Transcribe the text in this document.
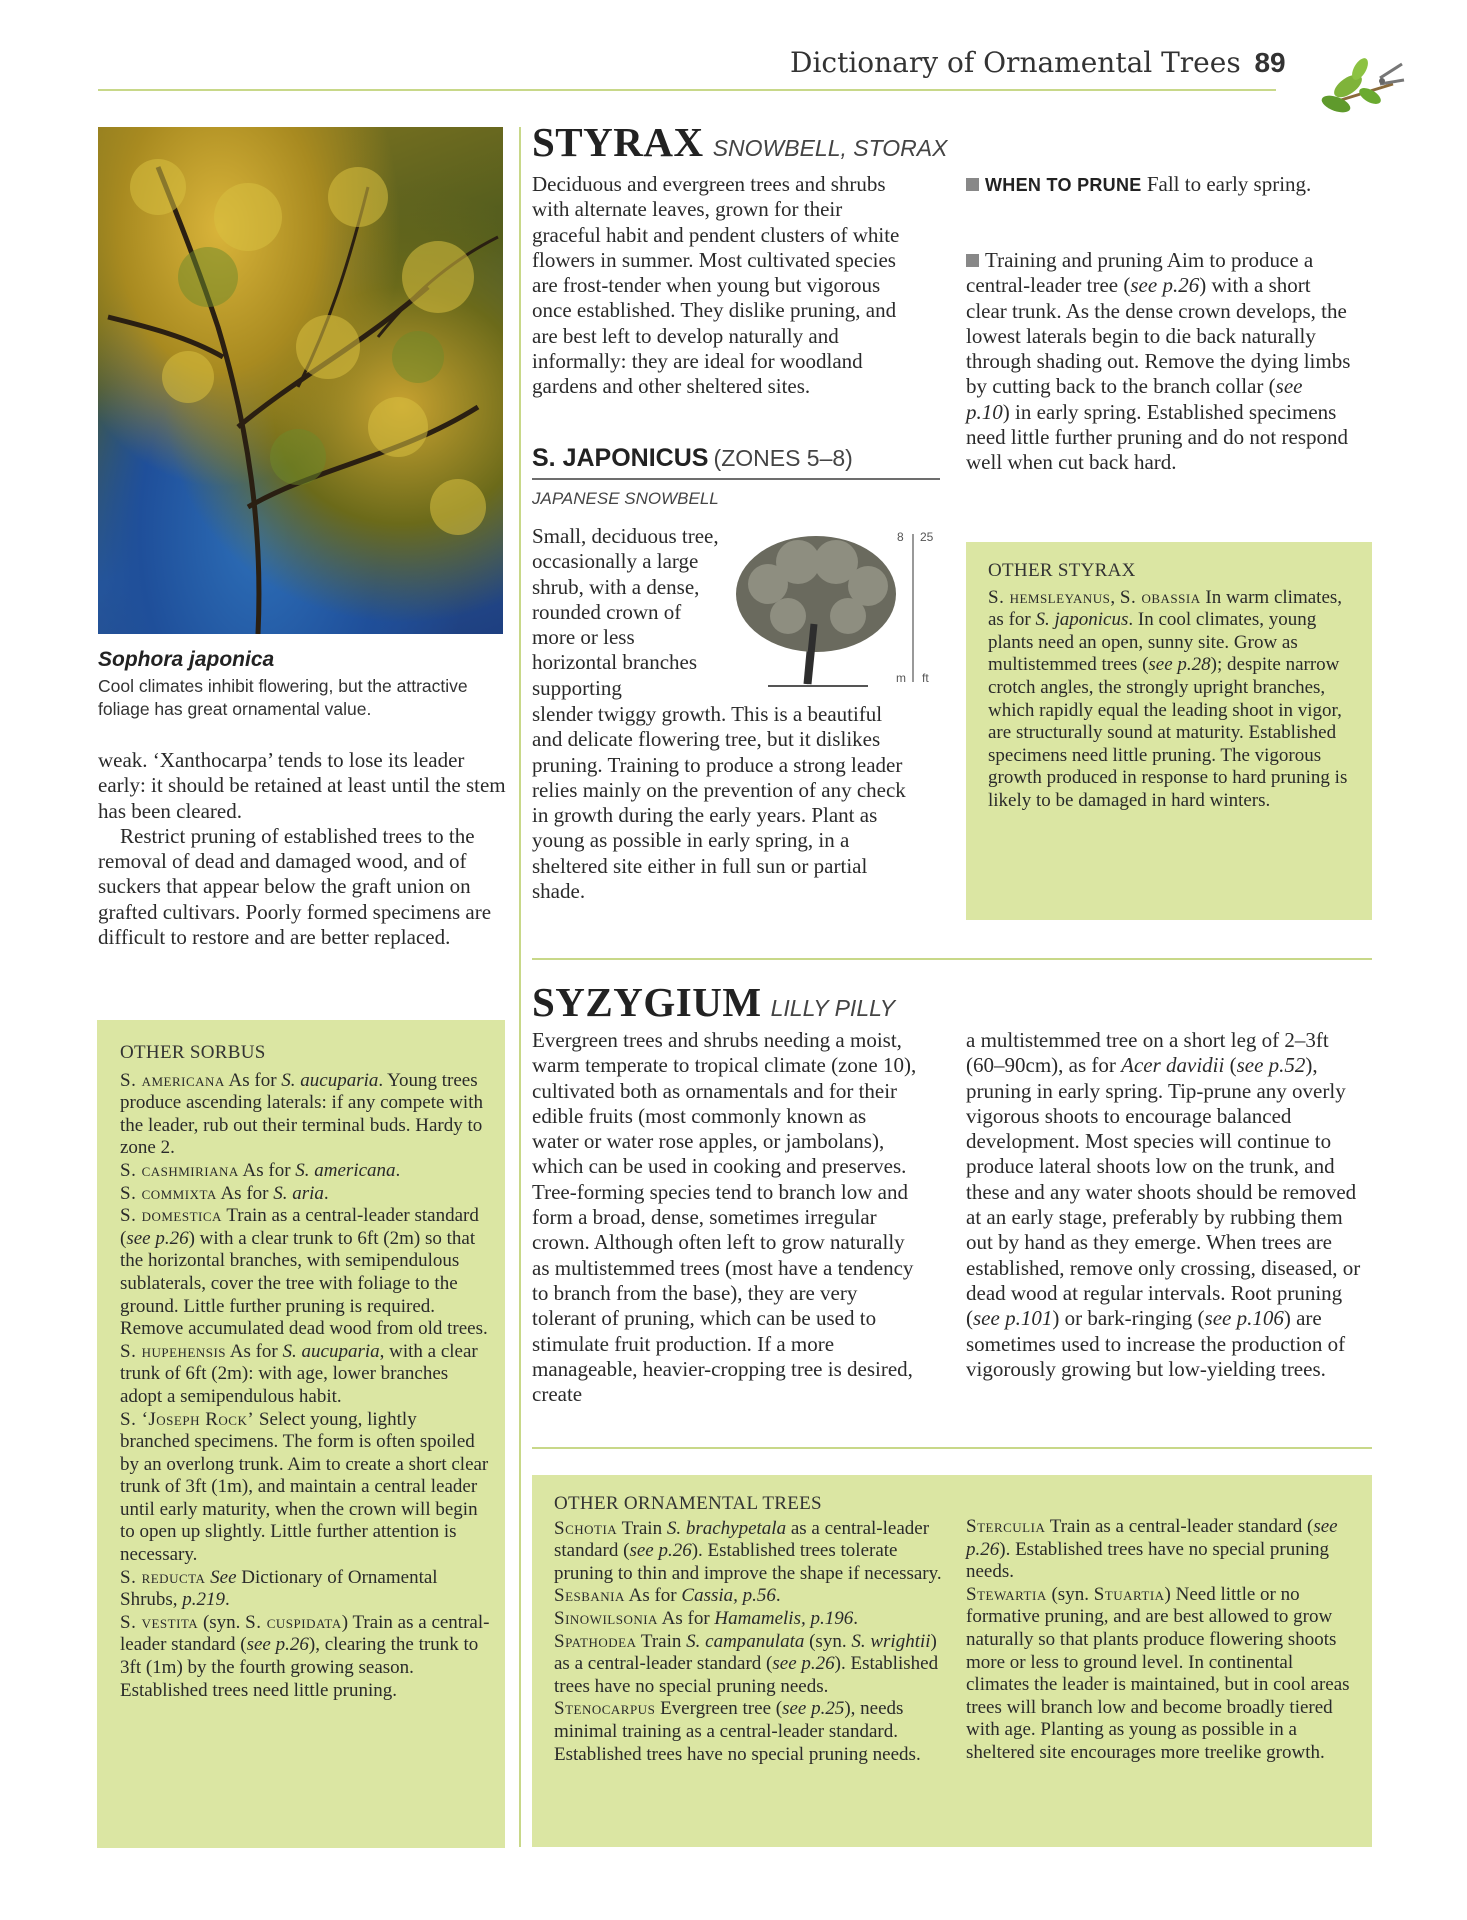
Dictionary of Ornamental Trees 89
Sophora japonica
Cool climates inhibit flowering, but the attractive foliage has great ornamental value.

weak. ‘Xanthocarpa’ tends to lose its leader early: it should be retained at least until the stem has been cleared.

Restrict pruning of established trees to the removal of dead and damaged wood, and of suckers that appear below the graft union on grafted cultivars. Poorly formed specimens are difficult to restore and are better replaced.

OTHER SORBUS

S. americana As for S. aucuparia. Young trees produce ascending laterals: if any compete with the leader, rub out their terminal buds. Hardy to zone 2.

S. cashmiriana As for S. americana.

S. commixta As for S. aria.

S. domestica Train as a central-leader standard (see p.26) with a clear trunk to 6ft (2m) so that the horizontal branches, with semipendulous sublaterals, cover the tree with foliage to the ground. Little further pruning is required. Remove accumulated dead wood from old trees.

S. hupehensis As for S. aucuparia, with a clear trunk of 6ft (2m): with age, lower branches adopt a semipendulous habit.

S. ‘Joseph Rock’ Select young, lightly branched specimens. The form is often spoiled by an overlong trunk. Aim to create a short clear trunk of 3ft (1m), and maintain a central leader until early maturity, when the crown will begin to open up slightly. Little further attention is necessary.

S. reducta See Dictionary of Ornamental Shrubs, p.219.

S. vestita (syn. S. cuspidata) Train as a central-leader standard (see p.26), clearing the trunk to 3ft (1m) by the fourth growing season. Established trees need little pruning.

STYRAX SNOWBELL, STORAX
Deciduous and evergreen trees and shrubs with alternate leaves, grown for their graceful habit and pendent clusters of white flowers in summer. Most cultivated species are frost-tender when young but vigorous once established. They dislike pruning, and are best left to develop naturally and informally: they are ideal for woodland gardens and other sheltered sites.
S. JAPONICUS (ZONES 5–8)
JAPANESE SNOWBELL
Small, deciduous tree, occasionally a large shrub, with a dense, rounded crown of more or less horizontal branches supporting
8 25
m ft
slender twiggy growth. This is a beautiful and delicate flowering tree, but it dislikes pruning. Training to produce a strong leader relies mainly on the prevention of any check in growth during the early years. Plant as young as possible in early spring, in a sheltered site either in full sun or partial shade.
WHEN TO PRUNE Fall to early spring.
Training and pruning Aim to produce a central-leader tree (see p.26) with a short clear trunk. As the dense crown develops, the lowest laterals begin to die back naturally through shading out. Remove the dying limbs by cutting back to the branch collar (see p.10) in early spring. Established specimens need little further pruning and do not respond well when cut back hard.
OTHER STYRAX

S. hemsleyanus, S. obassia In warm climates, as for S. japonicus. In cool climates, young plants need an open, sunny site. Grow as multistemmed trees (see p.28); despite narrow crotch angles, the strongly upright branches, which rapidly equal the leading shoot in vigor, are structurally sound at maturity. Established specimens need little pruning. The vigorous growth produced in response to hard pruning is likely to be damaged in hard winters.

SYZYGIUM LILLY PILLY
Evergreen trees and shrubs needing a moist, warm temperate to tropical climate (zone 10), cultivated both as ornamentals and for their edible fruits (most commonly known as water or water rose apples, or jambolans), which can be used in cooking and preserves. Tree-forming species tend to branch low and form a broad, dense, sometimes irregular crown. Although often left to grow naturally as multistemmed trees (most have a tendency to branch from the base), they are very tolerant of pruning, which can be used to stimulate fruit production. If a more manageable, heavier-cropping tree is desired, create
a multistemmed tree on a short leg of 2–3ft (60–90cm), as for Acer davidii (see p.52), pruning in early spring. Tip-prune any overly vigorous shoots to encourage balanced development. Most species will continue to produce lateral shoots low on the trunk, and these and any water shoots should be removed at an early stage, preferably by rubbing them out by hand as they emerge. When trees are established, remove only crossing, diseased, or dead wood at regular intervals. Root pruning (see p.101) or bark-ringing (see p.106) are sometimes used to increase the production of vigorously growing but low-yielding trees.
OTHER ORNAMENTAL TREES

Schotia Train S. brachypetala as a central-leader standard (see p.26). Established trees tolerate pruning to thin and improve the shape if necessary.

Sesbania As for Cassia, p.56.

Sinowilsonia As for Hamamelis, p.196.

Spathodea Train S. campanulata (syn. S. wrightii) as a central-leader standard (see p.26). Established trees have no special pruning needs.

Stenocarpus Evergreen tree (see p.25), needs minimal training as a central-leader standard. Established trees have no special pruning needs.

Sterculia Train as a central-leader standard (see p.26). Established trees have no special pruning needs.

Stewartia (syn. Stuartia) Need little or no formative pruning, and are best allowed to grow naturally so that plants produce flowering shoots more or less to ground level. In continental climates the leader is maintained, but in cool areas trees will branch low and become broadly tiered with age. Planting as young as possible in a sheltered site encourages more treelike growth.
